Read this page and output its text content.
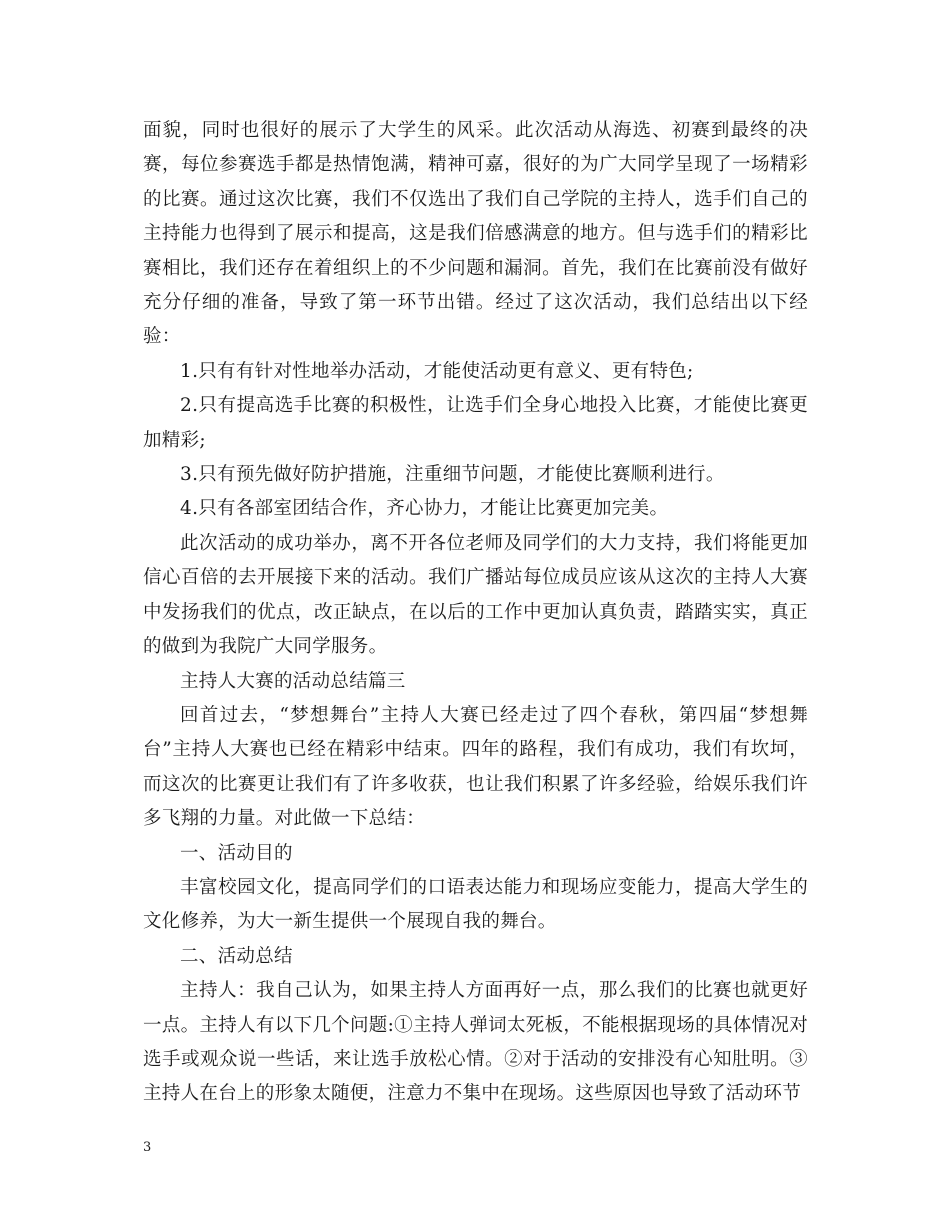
面貌，同时也很好的展示了大学生的风采。此次活动从海选、初赛到最终的决赛，每位参赛选手都是热情饱满，精神可嘉，很好的为广大同学呈现了一场精彩的比赛。通过这次比赛，我们不仅选出了我们自己学院的主持人，选手们自己的主持能力也得到了展示和提高，这是我们倍感满意的地方。但与选手们的精彩比赛相比，我们还存在着组织上的不少问题和漏洞。首先，我们在比赛前没有做好充分仔细的准备，导致了第一环节出错。经过了这次活动，我们总结出以下经验：

1.只有有针对性地举办活动，才能使活动更有意义、更有特色;

2.只有提高选手比赛的积极性，让选手们全身心地投入比赛，才能使比赛更加精彩;

3.只有预先做好防护措施，注重细节问题，才能使比赛顺利进行。

4.只有各部室团结合作，齐心协力，才能让比赛更加完美。

此次活动的成功举办，离不开各位老师及同学们的大力支持，我们将能更加信心百倍的去开展接下来的活动。我们广播站每位成员应该从这次的主持人大赛中发扬我们的优点，改正缺点，在以后的工作中更加认真负责，踏踏实实，真正的做到为我院广大同学服务。

主持人大赛的活动总结篇三

回首过去，“梦想舞台”主持人大赛已经走过了四个春秋，第四届“梦想舞台”主持人大赛也已经在精彩中结束。四年的路程，我们有成功，我们有坎坷，而这次的比赛更让我们有了许多收获，也让我们积累了许多经验，给娱乐我们许多飞翔的力量。对此做一下总结：

一、活动目的

丰富校园文化，提高同学们的口语表达能力和现场应变能力，提高大学生的文化修养，为大一新生提供一个展现自我的舞台。

二、活动总结

主持人：我自己认为，如果主持人方面再好一点，那么我们的比赛也就更好一点。主持人有以下几个问题:①主持人弹词太死板，不能根据现场的具体情况对选手或观众说一些话，来让选手放松心情。②对于活动的安排没有心知肚明。③主持人在台上的形象太随便，注意力不集中在现场。这些原因也导致了活动环节

3
